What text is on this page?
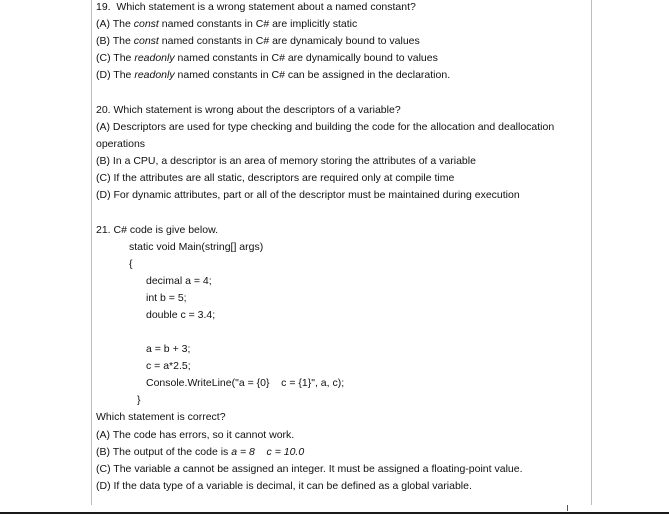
19.  Which statement is a wrong statement about a named constant?
(A) The const named constants in C# are implicitly static
(B) The const named constants in C# are dynamicaly bound to values
(C) The readonly named constants in C# are dynamically bound to values
(D) The readonly named constants in C# can be assigned in the declaration.
20. Which statement is wrong about the descriptors of a variable?
(A) Descriptors are used for type checking and building the code for the allocation and deallocation
operations
(B) In a CPU, a descriptor is an area of memory storing the attributes of a variable
(C) If the attributes are all static, descriptors are required only at compile time
(D) For dynamic attributes, part or all of the descriptor must be maintained during execution
21. C# code is give below.
static void Main(string[] args)
{
decimal a = 4;
int b = 5;
double c = 3.4;
a = b + 3;
c = a*2.5;
Console.WriteLine("a = {0}    c = {1}", a, c);
}
Which statement is correct?
(A) The code has errors, so it cannot work.
(B) The output of the code is a = 8    c = 10.0
(C) The variable a cannot be assigned an integer. It must be assigned a floating-point value.
(D) If the data type of a variable is decimal, it can be defined as a global variable.
